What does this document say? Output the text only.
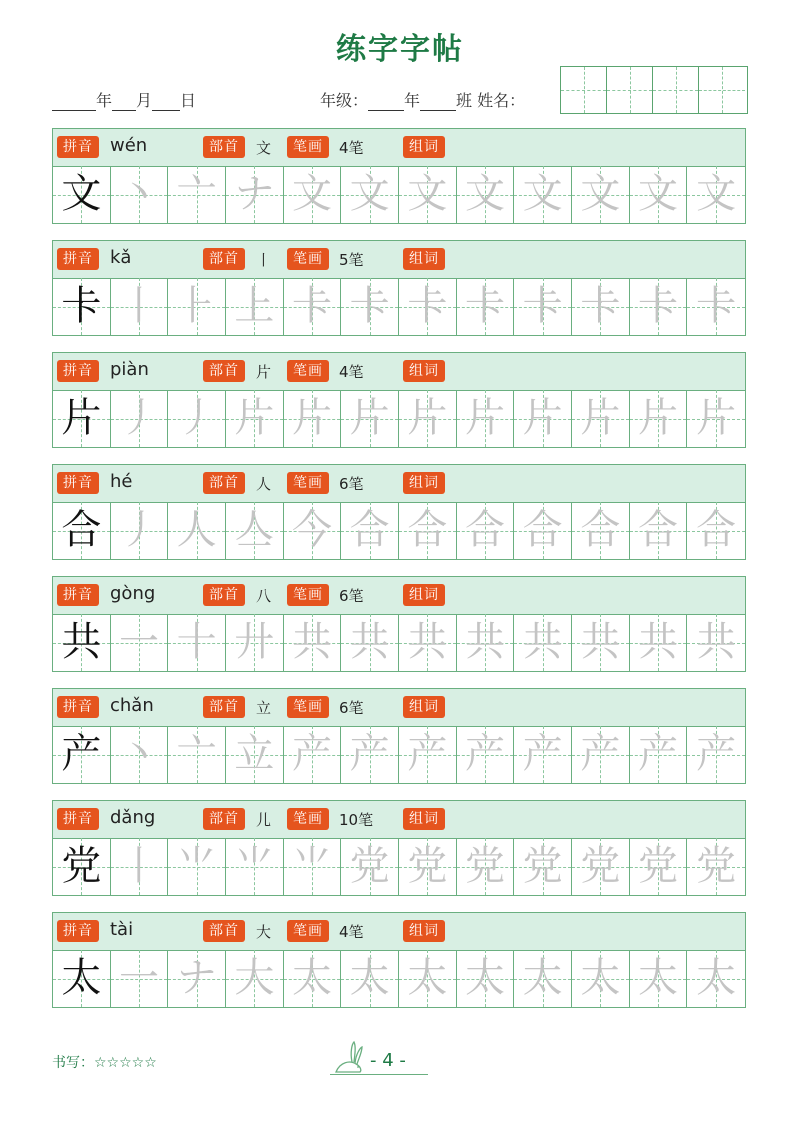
练字字帖
年 月 日	年级： 年 班 姓名：
拼音 wén	部首	文	笔画	4笔	组词
文 丶 亠 ナ 文 文 文 文 文 文 文 文
拼音 kǎ	部首	丨	笔画	5笔	组词
卡 丨 ⺊ 上 卡 卡 卡 卡 卡 卡 卡 卡
拼音 piàn	部首	片	笔画	4笔	组词
片 丿 丿 片 片 片 片 片 片 片 片 片
拼音 hé	部首	人	笔画	6笔	组词
合 丿 人 亼 今 合 合 合 合 合 合 合
拼音 gòng	部首	八	笔画	6笔	组词
共 一 十 廾 共 共 共 共 共 共 共 共
拼音 chǎn	部首	立	笔画	6笔	组词
产 丶 亠 立 产 产 产 产 产 产 产 产
拼音 dǎng	部首	儿	笔画	10笔	组词
党 丨 ⺌ ⺌ ⺌ 党 党 党 党 党 党 党
拼音 tài	部首	大	笔画	4笔	组词
太 一 ナ 大 太 太 太 太 太 太 太 太
书写：☆☆☆☆☆	- 4 -
